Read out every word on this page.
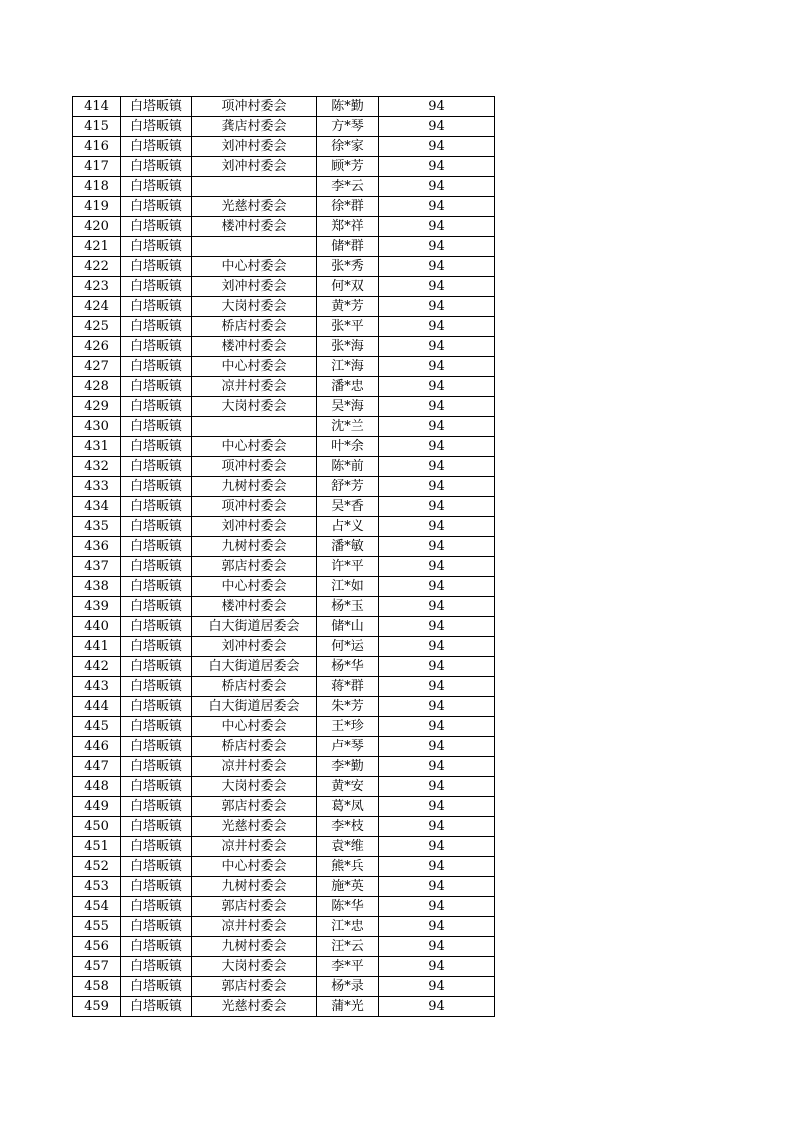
414	白塔畈镇	项冲村委会	陈*勤	94
415	白塔畈镇	龚店村委会	方*琴	94
416	白塔畈镇	刘冲村委会	徐*家	94
417	白塔畈镇	刘冲村委会	顾*芳	94
418	白塔畈镇		李*云	94
419	白塔畈镇	光慈村委会	徐*群	94
420	白塔畈镇	楼冲村委会	郑*祥	94
421	白塔畈镇		储*群	94
422	白塔畈镇	中心村委会	张*秀	94
423	白塔畈镇	刘冲村委会	何*双	94
424	白塔畈镇	大岗村委会	黄*芳	94
425	白塔畈镇	桥店村委会	张*平	94
426	白塔畈镇	楼冲村委会	张*海	94
427	白塔畈镇	中心村委会	江*海	94
428	白塔畈镇	凉井村委会	潘*忠	94
429	白塔畈镇	大岗村委会	吴*海	94
430	白塔畈镇		沈*兰	94
431	白塔畈镇	中心村委会	叶*余	94
432	白塔畈镇	项冲村委会	陈*前	94
433	白塔畈镇	九树村委会	舒*芳	94
434	白塔畈镇	项冲村委会	吴*香	94
435	白塔畈镇	刘冲村委会	占*义	94
436	白塔畈镇	九树村委会	潘*敏	94
437	白塔畈镇	郭店村委会	许*平	94
438	白塔畈镇	中心村委会	江*如	94
439	白塔畈镇	楼冲村委会	杨*玉	94
440	白塔畈镇	白大街道居委会	储*山	94
441	白塔畈镇	刘冲村委会	何*运	94
442	白塔畈镇	白大街道居委会	杨*华	94
443	白塔畈镇	桥店村委会	蒋*群	94
444	白塔畈镇	白大街道居委会	朱*芳	94
445	白塔畈镇	中心村委会	王*珍	94
446	白塔畈镇	桥店村委会	卢*琴	94
447	白塔畈镇	凉井村委会	李*勤	94
448	白塔畈镇	大岗村委会	黄*安	94
449	白塔畈镇	郭店村委会	葛*凤	94
450	白塔畈镇	光慈村委会	李*枝	94
451	白塔畈镇	凉井村委会	袁*维	94
452	白塔畈镇	中心村委会	熊*兵	94
453	白塔畈镇	九树村委会	施*英	94
454	白塔畈镇	郭店村委会	陈*华	94
455	白塔畈镇	凉井村委会	江*忠	94
456	白塔畈镇	九树村委会	汪*云	94
457	白塔畈镇	大岗村委会	李*平	94
458	白塔畈镇	郭店村委会	杨*录	94
459	白塔畈镇	光慈村委会	蒲*光	94
